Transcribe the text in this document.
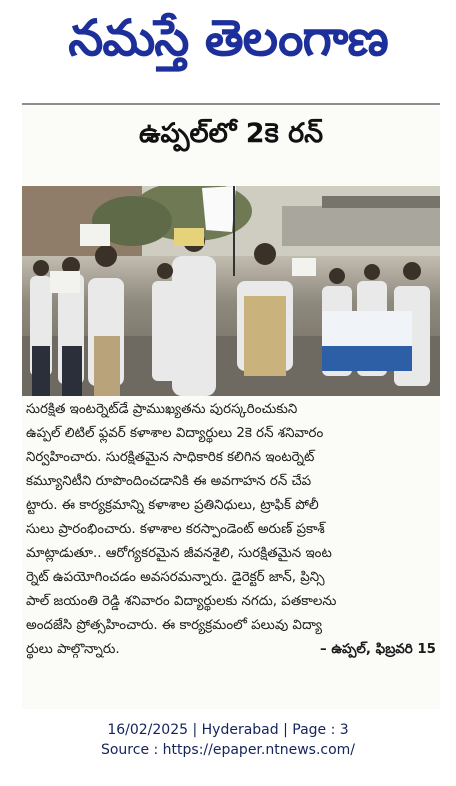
నమస్తే తెలంగాణ
ఉప్పల్‌లో 2కె రన్
సురక్షిత ఇంటర్నెట్‌డే ప్రాముఖ్యతను పురస్కరించుకుని
ఉప్పల్ లిటిల్ ఫ్లవర్ కళాశాల విద్యార్థులు 2కె రన్ శనివారం
నిర్వహించారు. సురక్షితమైన సాధికారిక కలిగిన ఇంటర్నెట్
కమ్యూనిటీని రూపొందించడానికి ఈ అవగాహన రన్ చేప
ట్టారు. ఈ కార్యక్రమాన్ని కళాశాల ప్రతినిధులు, ట్రాఫిక్ పోలీ
సులు ప్రారంభించారు. కళాశాల కరస్పాండెంట్ అరుణ్ ప్రకాశ్
మాట్లాడుతూ.. ఆరోగ్యకరమైన జీవనశైలి, సురక్షితమైన ఇంట
ర్నెట్ ఉపయోగించడం అవసరమన్నారు. డైరెక్టర్ జాన్, ప్రిన్సి
పాల్ జయంతి రెడ్డి శనివారం విద్యార్థులకు నగదు, పతకాలను
అందజేసి ప్రోత్సహించారు. ఈ కార్యక్రమంలో పలువు విద్యా
ర్థులు పాల్గొన్నారు.	– ఉప్పల్, ఫిబ్రవరి 15
16/02/2025 | Hyderabad | Page : 3
Source : https://epaper.ntnews.com/
